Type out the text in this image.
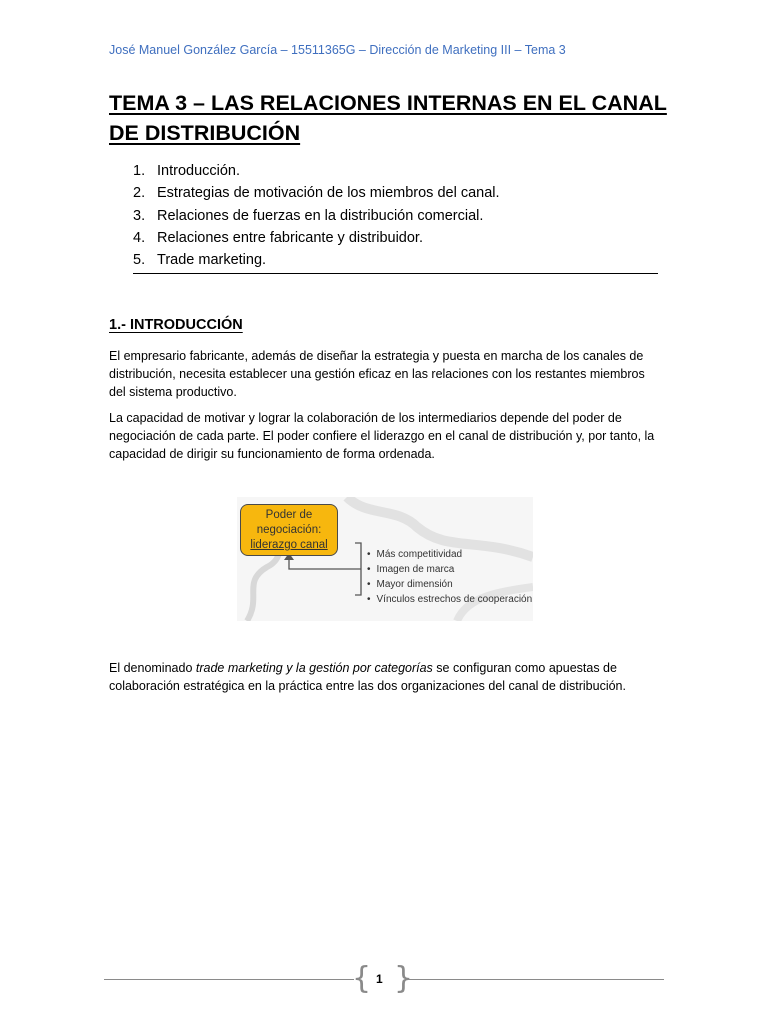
José Manuel González García – 15511365G – Dirección de Marketing III – Tema 3
TEMA 3 – LAS RELACIONES INTERNAS EN EL CANAL DE DISTRIBUCIÓN
1. Introducción.
2. Estrategias de motivación de los miembros del canal.
3. Relaciones de fuerzas en la distribución comercial.
4. Relaciones entre fabricante y distribuidor.
5. Trade marketing.
1.- INTRODUCCIÓN

El empresario fabricante, además de diseñar la estrategia y puesta en marcha de los canales de distribución, necesita establecer una gestión eficaz en las relaciones con los restantes miembros del sistema productivo.

La capacidad de motivar y lograr la colaboración de los intermediarios depende del poder de negociación de cada parte. El poder confiere el liderazgo en el canal de distribución y, por tanto, la capacidad de dirigir su funcionamiento de forma ordenada.

Poder de
negociación:
liderazgo canal
• Más competitividad
• Imagen de marca
• Mayor dimensión
• Vínculos estrechos de cooperación

El denominado trade marketing y la gestión por categorías se configuran como apuestas de colaboración estratégica en la práctica entre las dos organizaciones del canal de distribución.

{ }
1
